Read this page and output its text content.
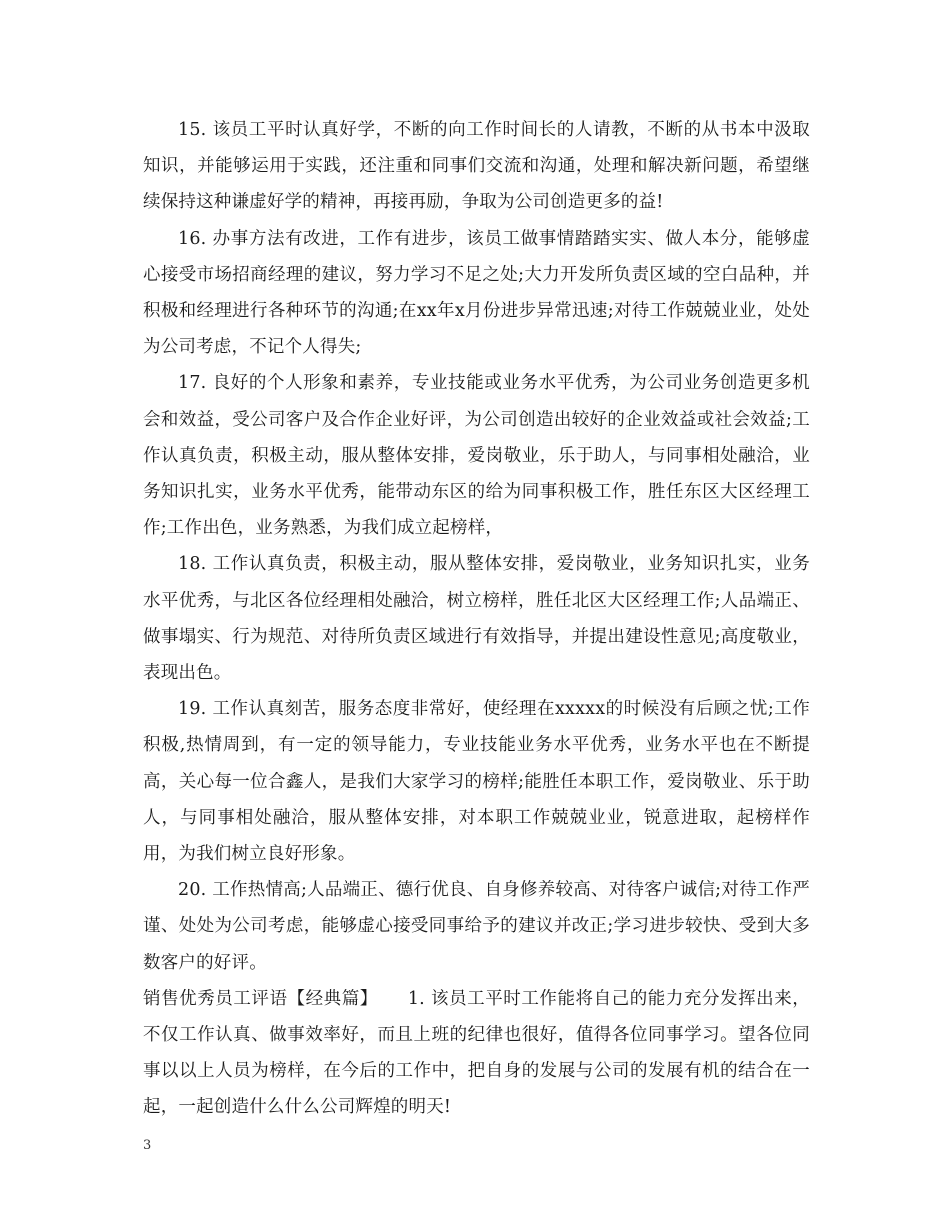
15. 该员工平时认真好学，不断的向工作时间长的人请教，不断的从书本中汲取知识，并能够运用于实践，还注重和同事们交流和沟通，处理和解决新问题，希望继续保持这种谦虚好学的精神，再接再励，争取为公司创造更多的益!

16. 办事方法有改进，工作有进步，该员工做事情踏踏实实、做人本分，能够虚心接受市场招商经理的建议，努力学习不足之处;大力开发所负责区域的空白品种，并积极和经理进行各种环节的沟通;在xx年x月份进步异常迅速;对待工作兢兢业业，处处为公司考虑，不记个人得失;

17. 良好的个人形象和素养，专业技能或业务水平优秀，为公司业务创造更多机会和效益，受公司客户及合作企业好评，为公司创造出较好的企业效益或社会效益;工作认真负责，积极主动，服从整体安排，爱岗敬业，乐于助人，与同事相处融洽，业务知识扎实，业务水平优秀，能带动东区的给为同事积极工作，胜任东区大区经理工作;工作出色，业务熟悉，为我们成立起榜样，

18. 工作认真负责，积极主动，服从整体安排，爱岗敬业，业务知识扎实，业务水平优秀，与北区各位经理相处融洽，树立榜样，胜任北区大区经理工作;人品端正、做事塌实、行为规范、对待所负责区域进行有效指导，并提出建设性意见;高度敬业，表现出色。

19. 工作认真刻苦，服务态度非常好，使经理在xxxxx的时候没有后顾之忧;工作积极,热情周到，有一定的领导能力，专业技能业务水平优秀，业务水平也在不断提高，关心每一位合鑫人，是我们大家学习的榜样;能胜任本职工作，爱岗敬业、乐于助人，与同事相处融洽，服从整体安排，对本职工作兢兢业业，锐意进取，起榜样作用，为我们树立良好形象。

20. 工作热情高;人品端正、德行优良、自身修养较高、对待客户诚信;对待工作严谨、处处为公司考虑，能够虚心接受同事给予的建议并改正;学习进步较快、受到大多数客户的好评。

销售优秀员工评语【经典篇】 1. 该员工平时工作能将自己的能力充分发挥出来，不仅工作认真、做事效率好，而且上班的纪律也很好，值得各位同事学习。望各位同事以以上人员为榜样，在今后的工作中，把自身的发展与公司的发展有机的结合在一起，一起创造什么什么公司辉煌的明天!

3
